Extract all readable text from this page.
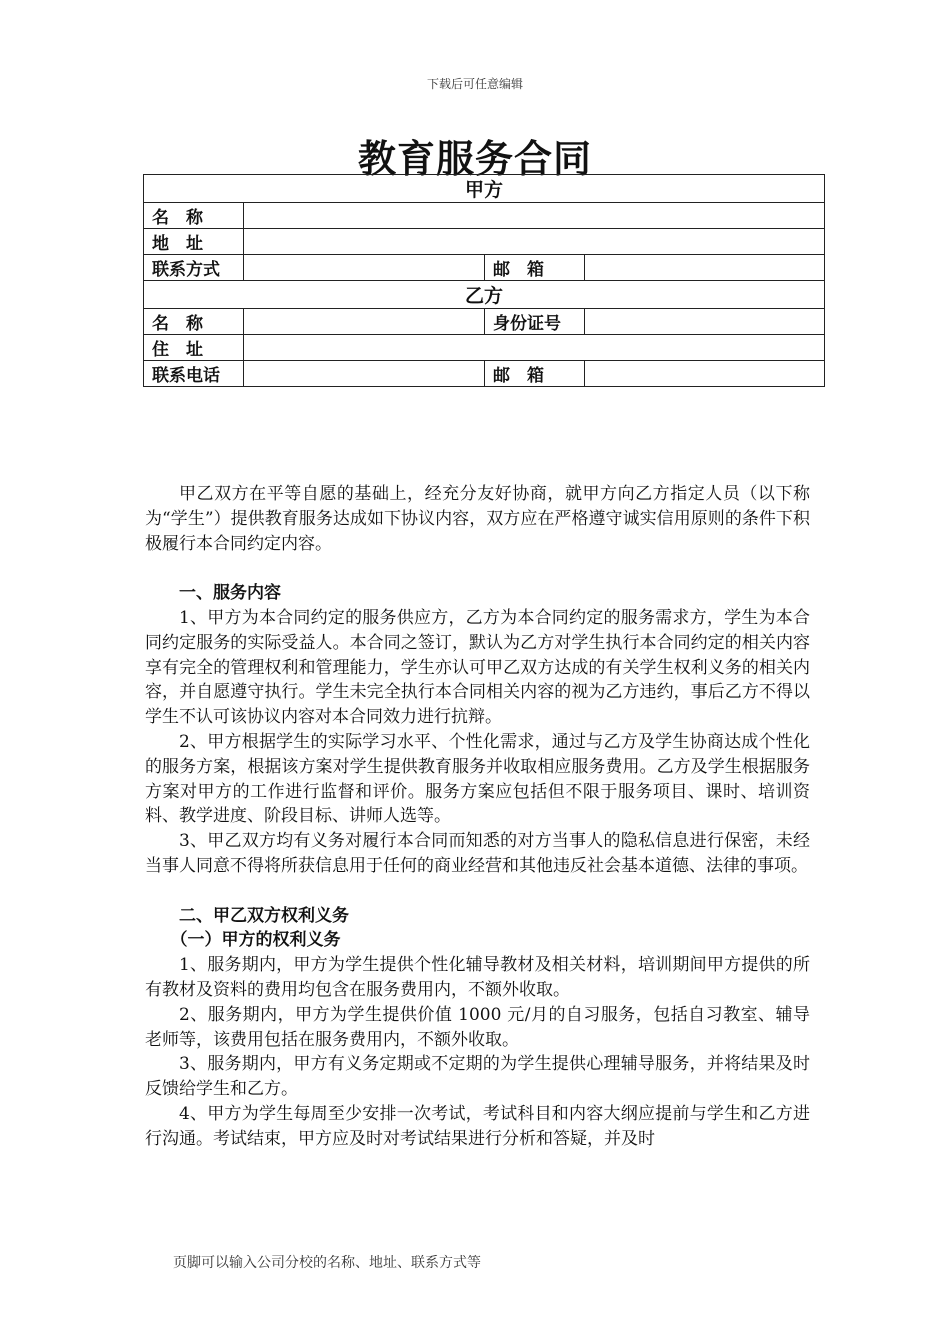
下载后可任意编辑
教育服务合同
甲方			

名　称			

地　址			
联系方式		邮　箱	
乙方			
名　称		身份证号	
住　址			
联系电话		邮　箱	

甲乙双方在平等自愿的基础上，经充分友好协商，就甲方向乙方指定人员（以下称为“学生”）提供教育服务达成如下协议内容，双方应在严格遵守诚实信用原则的条件下积极履行本合同约定内容。

一、服务内容

1、甲方为本合同约定的服务供应方，乙方为本合同约定的服务需求方，学生为本合同约定服务的实际受益人。本合同之签订，默认为乙方对学生执行本合同约定的相关内容享有完全的管理权利和管理能力，学生亦认可甲乙双方达成的有关学生权利义务的相关内容，并自愿遵守执行。学生未完全执行本合同相关内容的视为乙方违约，事后乙方不得以学生不认可该协议内容对本合同效力进行抗辩。

2、甲方根据学生的实际学习水平、个性化需求，通过与乙方及学生协商达成个性化的服务方案，根据该方案对学生提供教育服务并收取相应服务费用。乙方及学生根据服务方案对甲方的工作进行监督和评价。服务方案应包括但不限于服务项目、课时、培训资料、教学进度、阶段目标、讲师人选等。

3、甲乙双方均有义务对履行本合同而知悉的对方当事人的隐私信息进行保密，未经当事人同意不得将所获信息用于任何的商业经营和其他违反社会基本道德、法律的事项。

二、甲乙双方权利义务
（一）甲方的权利义务

1、服务期内，甲方为学生提供个性化辅导教材及相关材料，培训期间甲方提供的所有教材及资料的费用均包含在服务费用内，不额外收取。

2、服务期内，甲方为学生提供价值 1000 元/月的自习服务，包括自习教室、辅导老师等，该费用包括在服务费用内，不额外收取。

3、服务期内，甲方有义务定期或不定期的为学生提供心理辅导服务，并将结果及时反馈给学生和乙方。

4、甲方为学生每周至少安排一次考试，考试科目和内容大纲应提前与学生和乙方进行沟通。考试结束，甲方应及时对考试结果进行分析和答疑，并及时

页脚可以输入公司分校的名称、地址、联系方式等
